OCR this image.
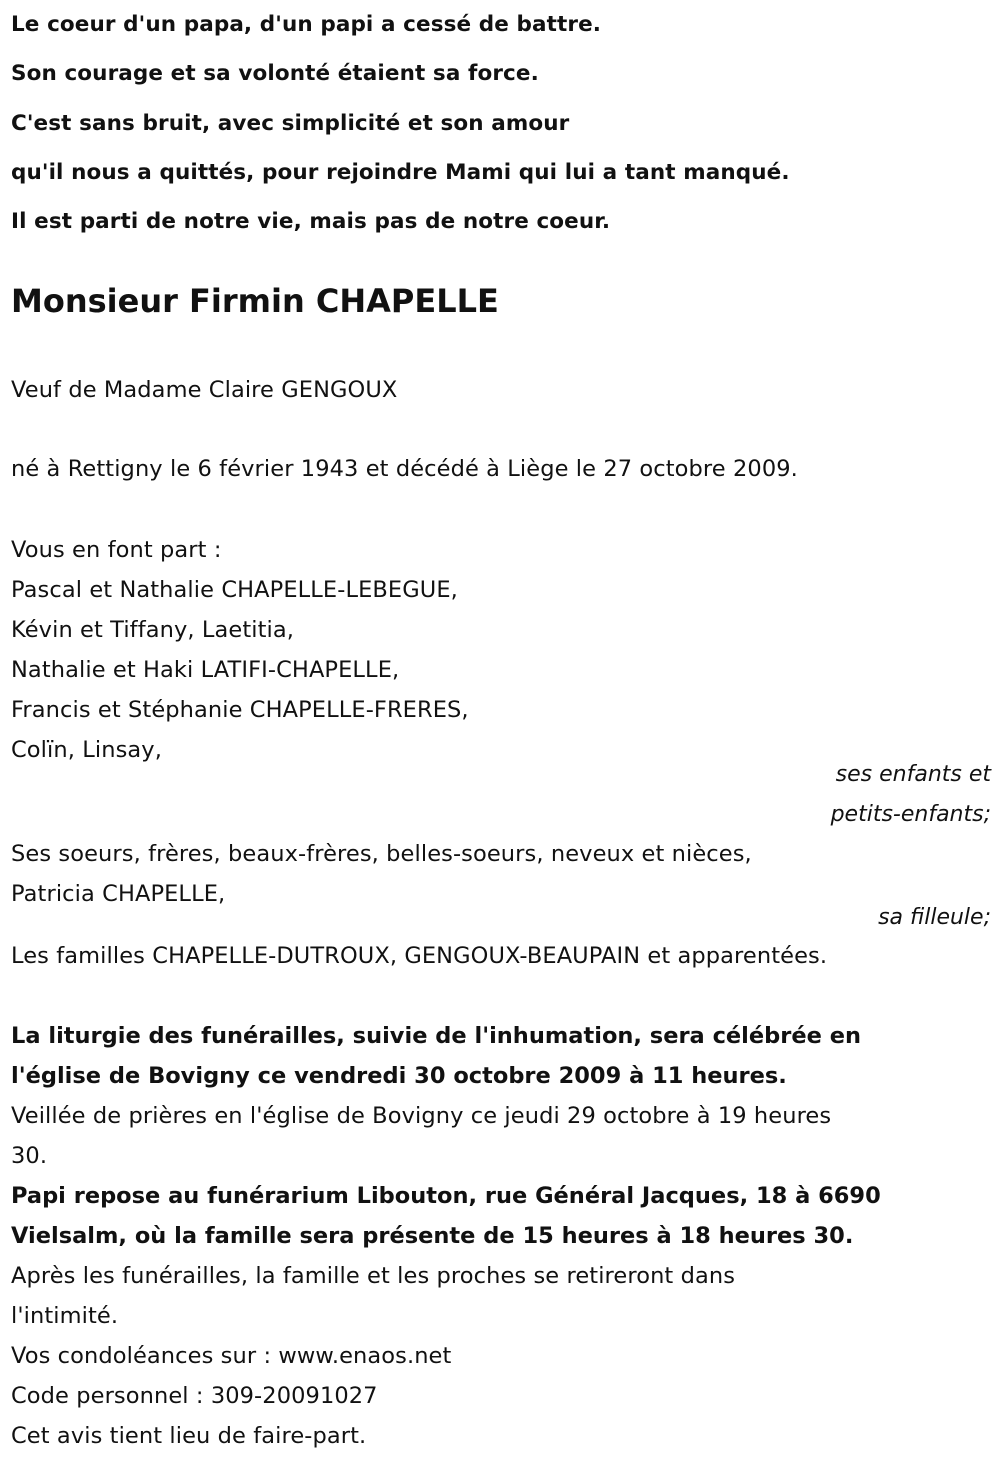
Le coeur d'un papa, d'un papi a cessé de battre.
Son courage et sa volonté étaient sa force.
C'est sans bruit, avec simplicité et son amour
qu'il nous a quittés, pour rejoindre Mami qui lui a tant manqué.
Il est parti de notre vie, mais pas de notre coeur.
Monsieur Firmin CHAPELLE
Veuf de Madame Claire GENGOUX
né à Rettigny le 6 février 1943 et décédé à Liège le 27 octobre 2009.
Vous en font part :
Pascal et Nathalie CHAPELLE-LEBEGUE,
Kévin et Tiffany, Laetitia,
Nathalie et Haki LATIFI-CHAPELLE,
Francis et Stéphanie CHAPELLE-FRERES,
Colïn, Linsay,
ses enfants et
petits-enfants;
Ses soeurs, frères, beaux-frères, belles-soeurs, neveux et nièces,
Patricia CHAPELLE,
sa filleule;
Les familles CHAPELLE-DUTROUX, GENGOUX-BEAUPAIN et apparentées.
La liturgie des funérailles, suivie de l'inhumation, sera célébrée en
l'église de Bovigny ce vendredi 30 octobre 2009 à 11 heures.
Veillée de prières en l'église de Bovigny ce jeudi 29 octobre à 19 heures
30.
Papi repose au funérarium Libouton, rue Général Jacques, 18 à 6690
Vielsalm, où la famille sera présente de 15 heures à 18 heures 30.
Après les funérailles, la famille et les proches se retireront dans
l'intimité.
Vos condoléances sur : www.enaos.net
Code personnel : 309-20091027
Cet avis tient lieu de faire-part.
